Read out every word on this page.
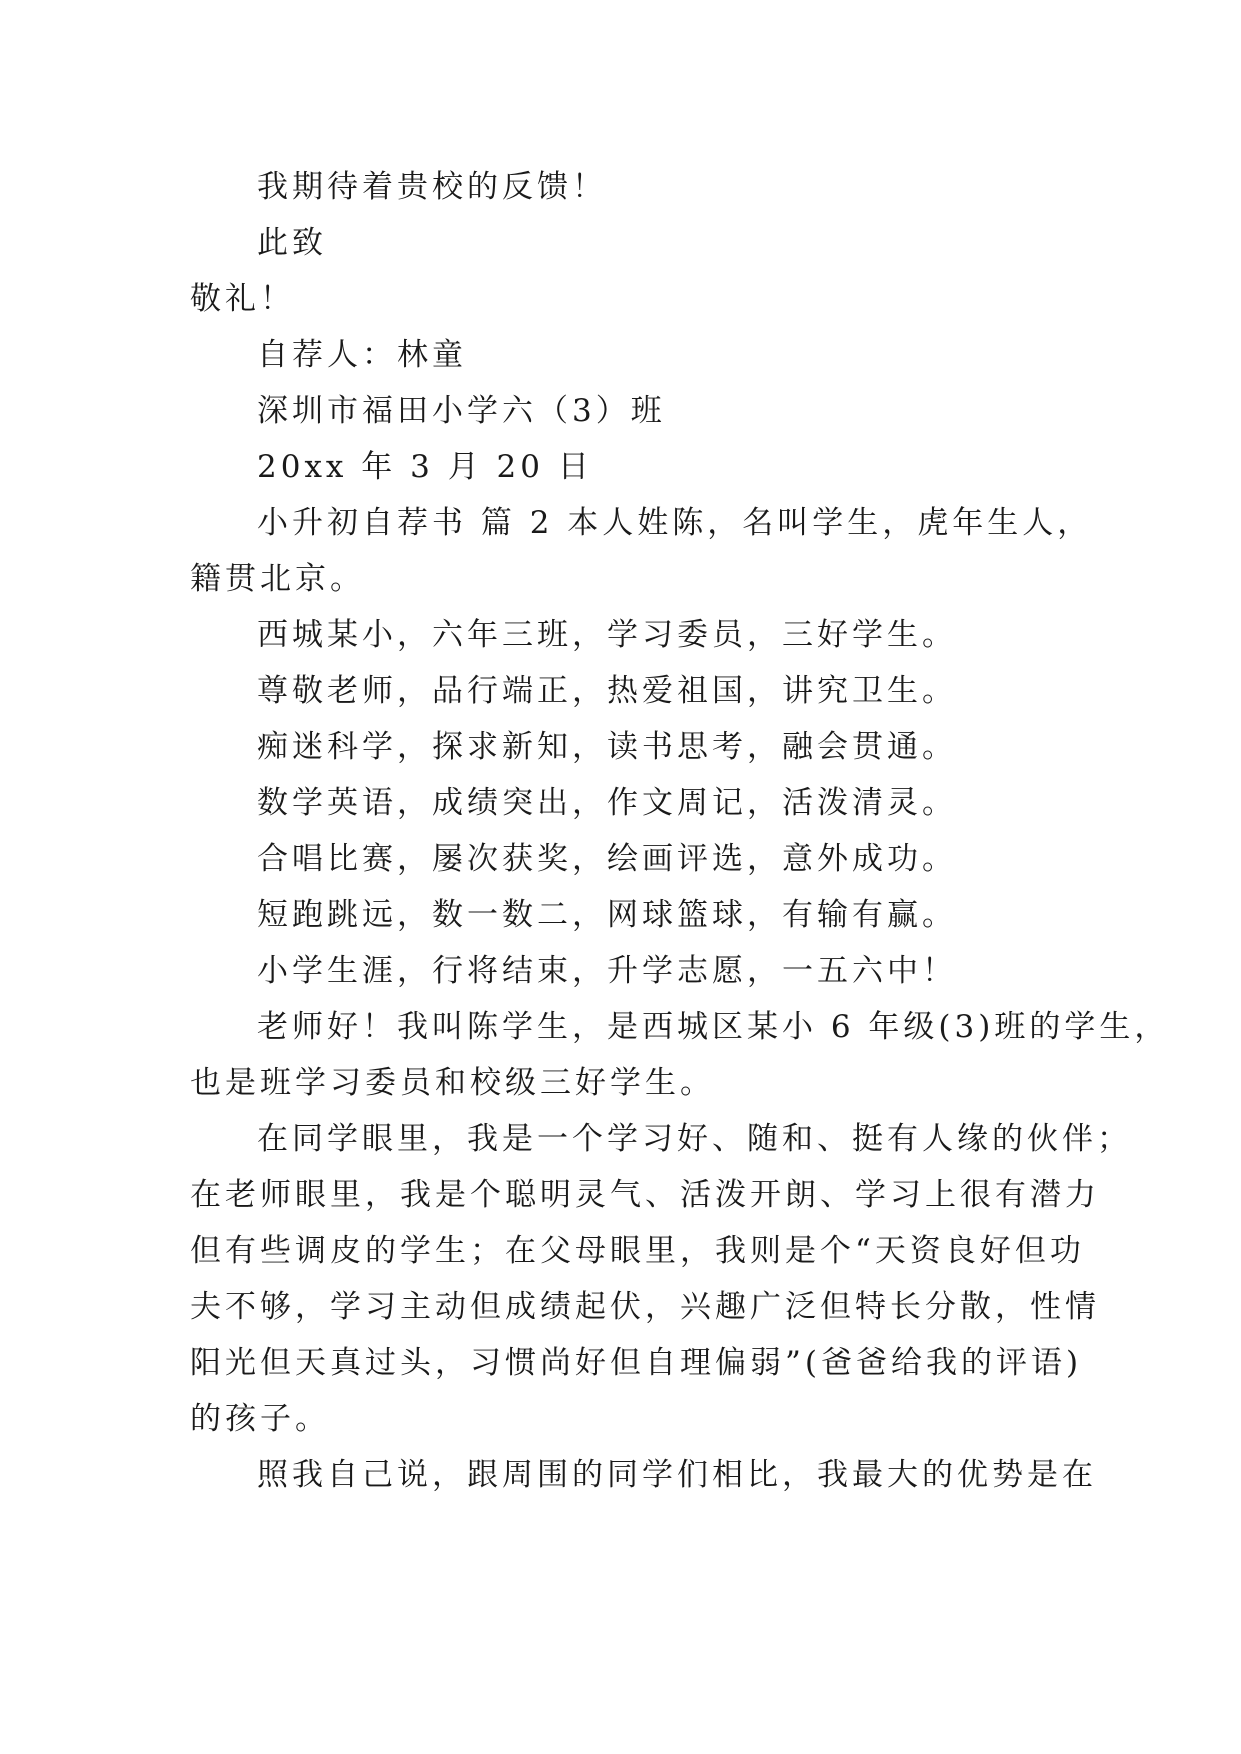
我期待着贵校的反馈！
此致
敬礼！
自荐人：林童
深圳市福田小学六（3）班
20xx 年 3 月 20 日
小升初自荐书 篇 2 本人姓陈，名叫学生，虎年生人，
籍贯北京。
西城某小，六年三班，学习委员，三好学生。
尊敬老师，品行端正，热爱祖国，讲究卫生。
痴迷科学，探求新知，读书思考，融会贯通。
数学英语，成绩突出，作文周记，活泼清灵。
合唱比赛，屡次获奖，绘画评选，意外成功。
短跑跳远，数一数二，网球篮球，有输有赢。
小学生涯，行将结束，升学志愿，一五六中！
老师好！我叫陈学生，是西城区某小 6 年级(3)班的学生，
也是班学习委员和校级三好学生。
在同学眼里，我是一个学习好、随和、挺有人缘的伙伴；
在老师眼里，我是个聪明灵气、活泼开朗、学习上很有潜力
但有些调皮的学生；在父母眼里，我则是个“天资良好但功
夫不够，学习主动但成绩起伏，兴趣广泛但特长分散，性情
阳光但天真过头，习惯尚好但自理偏弱”(爸爸给我的评语)
的孩子。
照我自己说，跟周围的同学们相比，我最大的优势是在
